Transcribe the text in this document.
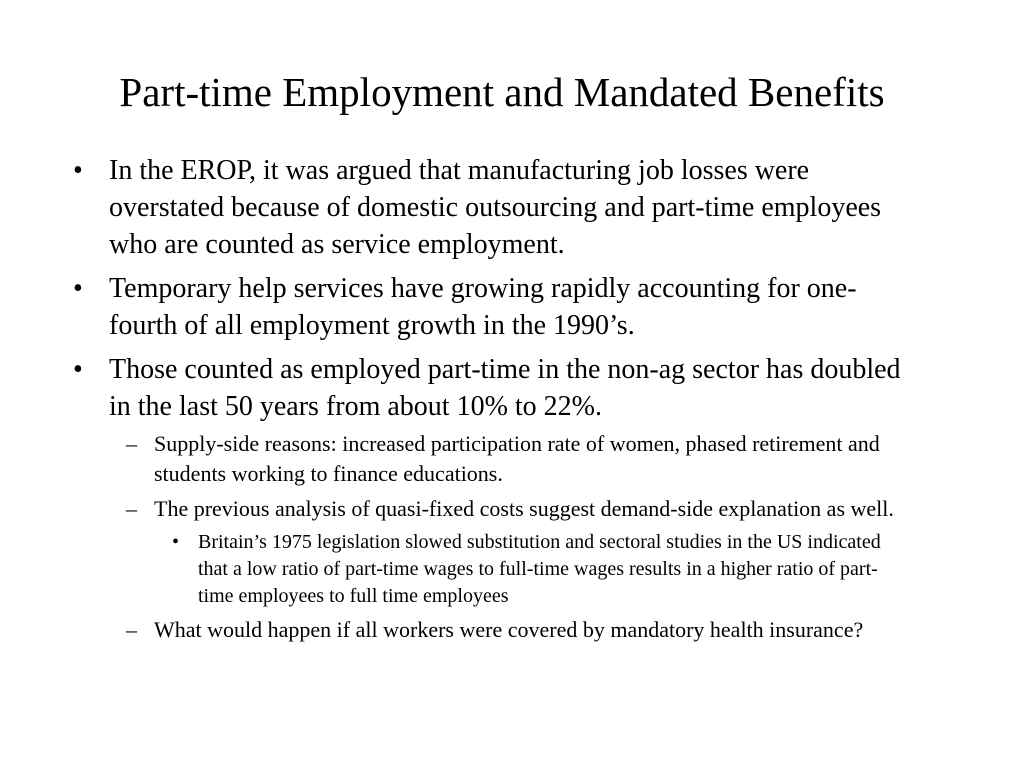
Part-time Employment and Mandated Benefits
• In the EROP, it was argued that manufacturing job losses were overstated because of domestic outsourcing and part-time employees who are counted as service employment.
• Temporary help services have growing rapidly accounting for one-fourth of all employment growth in the 1990’s.
• Those counted as employed part-time in the non-ag sector has doubled in the last 50 years from about 10% to 22%.
– Supply-side reasons: increased participation rate of women, phased retirement and students working to finance educations.
– The previous analysis of quasi-fixed costs suggest demand-side explanation as well.
• Britain’s 1975 legislation slowed substitution and sectoral studies in the US indicated that a low ratio of part-time wages to full-time wages results in a higher ratio of part-time employees to full time employees
– What would happen if all workers were covered by mandatory health insurance?
